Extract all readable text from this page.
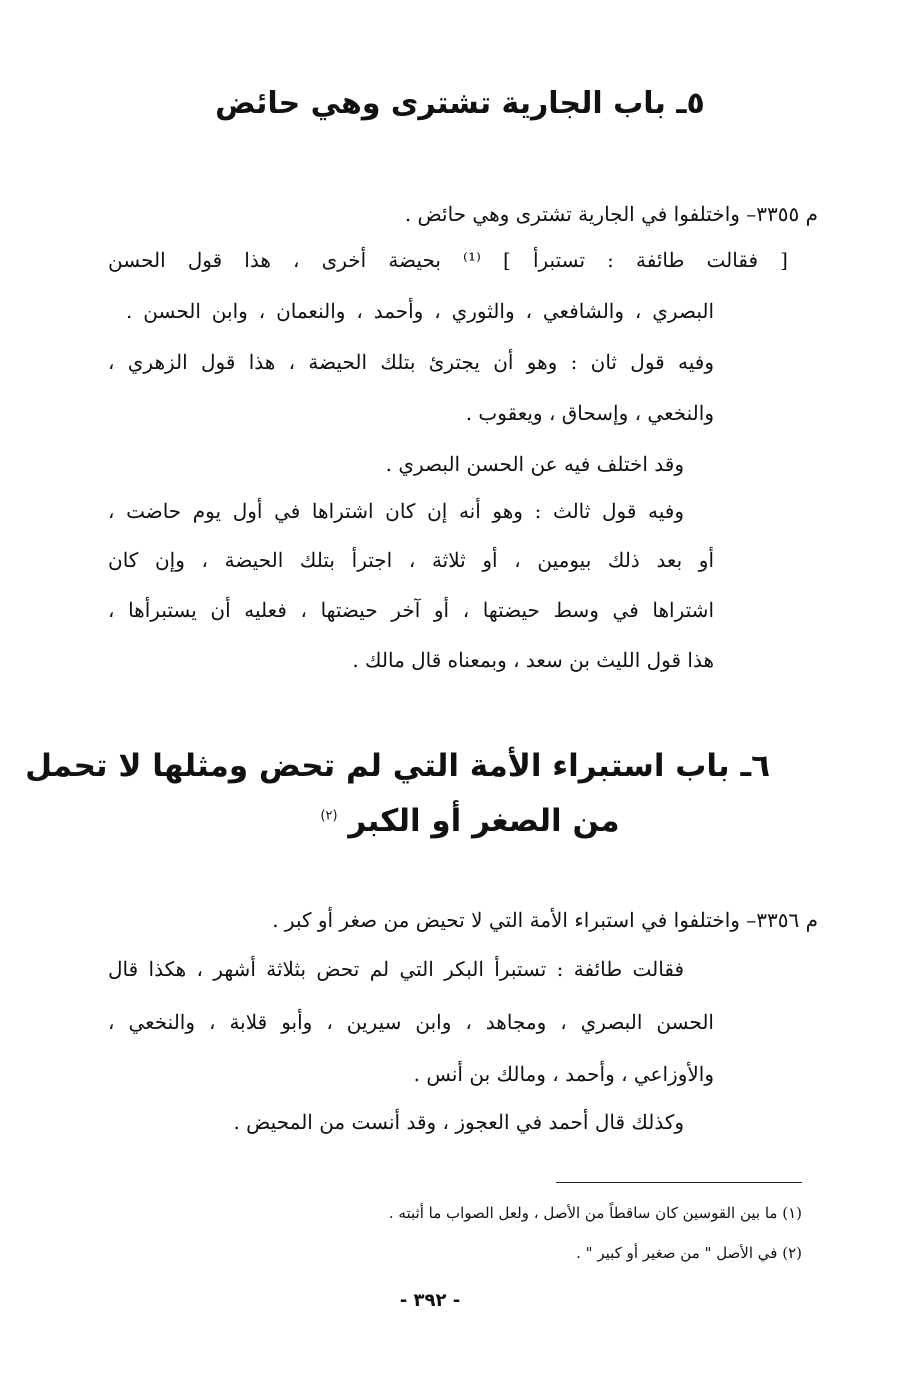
٥ـ باب الجارية تشترى وهي حائض
م ٣٣٥٥– واختلفوا في الجارية تشترى وهي حائض .
[ فقالت طائفة : تستبرأ ] ⁽¹⁾ بحيضة أخرى ، هذا قول الحسن
البصري ، والشافعي ، والثوري ، وأحمد ، والنعمان ، وابن الحسن .
وفيه قول ثان : وهو أن يجترئ بتلك الحيضة ، هذا قول الزهري ،
والنخعي ، وإسحاق ، ويعقوب .
وقد اختلف فيه عن الحسن البصري .
وفيه قول ثالث : وهو أنه إن كان اشتراها في أول يوم حاضت ،
أو بعد ذلك بيومين ، أو ثلاثة ، اجترأ بتلك الحيضة ، وإن كان
اشتراها في وسط حيضتها ، أو آخر حيضتها ، فعليه أن يستبرأها ،
هذا قول الليث بن سعد ، وبمعناه قال مالك .
٦ـ باب استبراء الأمة التي لم تحض ومثلها لا تحمل
من الصغر أو الكبر $^{(٢)}$
م ٣٣٥٦– واختلفوا في استبراء الأمة التي لا تحيض من صغر أو كبر .
فقالت طائفة : تستبرأ البكر التي لم تحض بثلاثة أشهر ، هكذا قال
الحسن البصري ، ومجاهد ، وابن سيرين ، وأبو قلابة ، والنخعي ،
والأوزاعي ، وأحمد ، ومالك بن أنس .
وكذلك قال أحمد في العجوز ، وقد أنست من المحيض .
(١) ما بين القوسين كان ساقطاً من الأصل ، ولعل الصواب ما أثبته .
(٢) في الأصل " من صغير أو كبير " .
- ٣٩٢ -
